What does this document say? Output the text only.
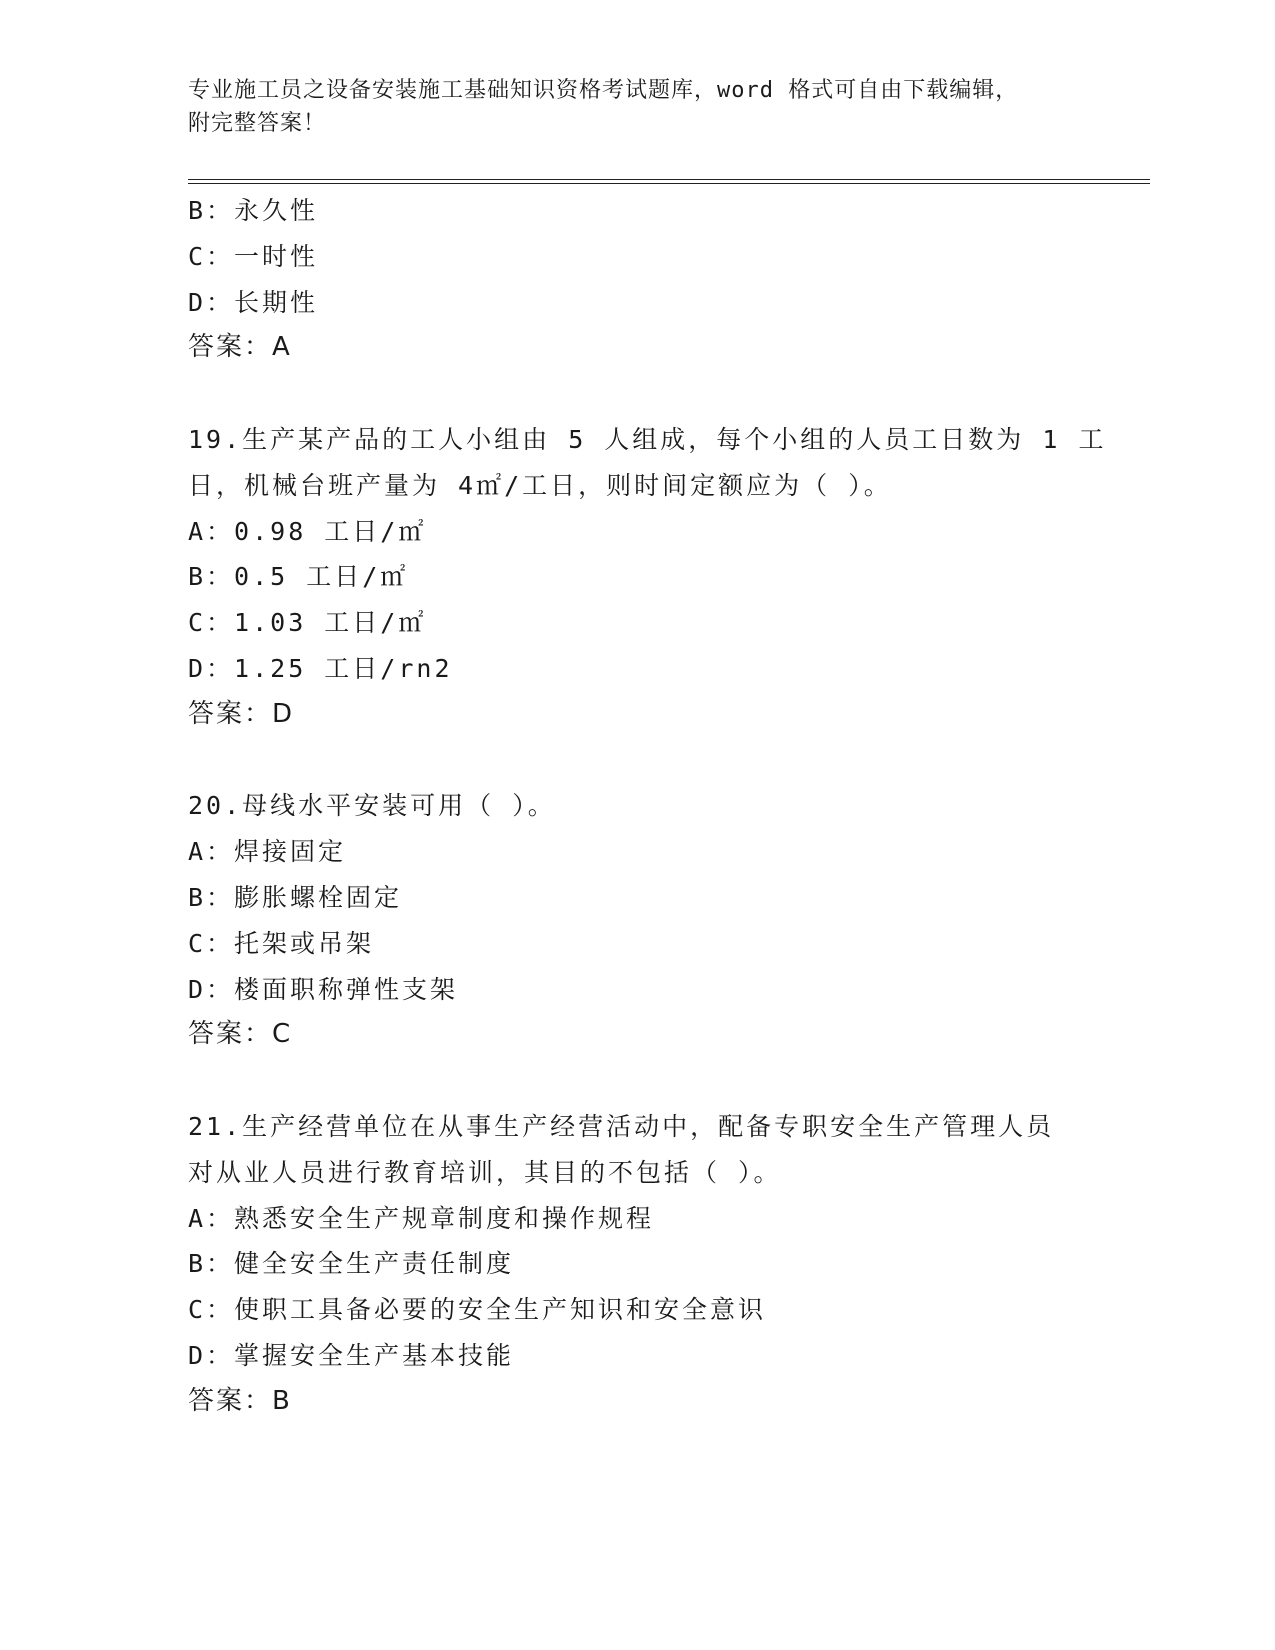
专业施工员之设备安装施工基础知识资格考试题库，word 格式可自由下载编辑，
附完整答案！
B：永久性
C：一时性
D：长期性
答案：A
19.生产某产品的工人小组由 5 人组成，每个小组的人员工日数为 1 工
日，机械台班产量为 4㎡/工日，则时间定额应为（ ）。
A：0.98 工日/㎡
B：0.5 工日/㎡
C：1.03 工日/㎡
D：1.25 工日/rn2
答案：D
20.母线水平安装可用（ ）。
A：焊接固定
B：膨胀螺栓固定
C：托架或吊架
D：楼面职称弹性支架
答案：C
21.生产经营单位在从事生产经营活动中，配备专职安全生产管理人员
对从业人员进行教育培训，其目的不包括（ ）。
A：熟悉安全生产规章制度和操作规程
B：健全安全生产责任制度
C：使职工具备必要的安全生产知识和安全意识
D：掌握安全生产基本技能
答案：B
